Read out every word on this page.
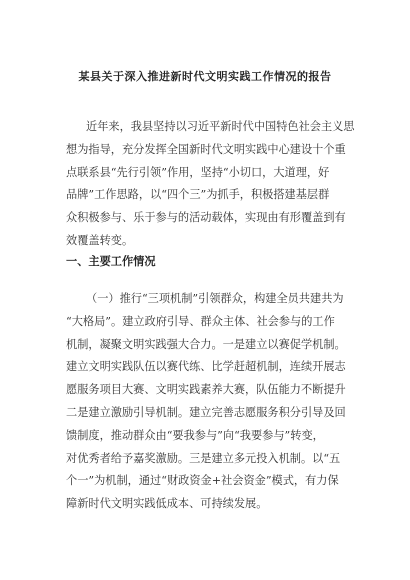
某县关于深入推进新时代文明实践工作情况的报告
近年来，我县坚持以习近平新时代中国特色社会主义思
想为指导，充分发挥全国新时代文明实践中心建设十个重
点联系县“先行引领”作用，坚持“小切口，大道理，好
品牌”工作思路，以“四个三”为抓手，积极搭建基层群
众积极参与、乐于参与的活动载体，实现由有形覆盖到有
效覆盖转变。
一、主要工作情况
（一）推行“三项机制”引领群众，构建全员共建共为
“大格局”。建立政府引导、群众主体、社会参与的工作
机制，凝聚文明实践强大合力。一是建立以赛促学机制。
建立文明实践队伍以赛代练、比学赶超机制，连续开展志
愿服务项目大赛、文明实践素养大赛，队伍能力不断提升
二是建立激励引导机制。建立完善志愿服务积分引导及回
馈制度，推动群众由“要我参与”向“我要参与”转变，
对优秀者给予嘉奖激励。三是建立多元投入机制。以“五
个一”为机制，通过“财政资金+社会资金”模式，有力保
障新时代文明实践低成本、可持续发展。
